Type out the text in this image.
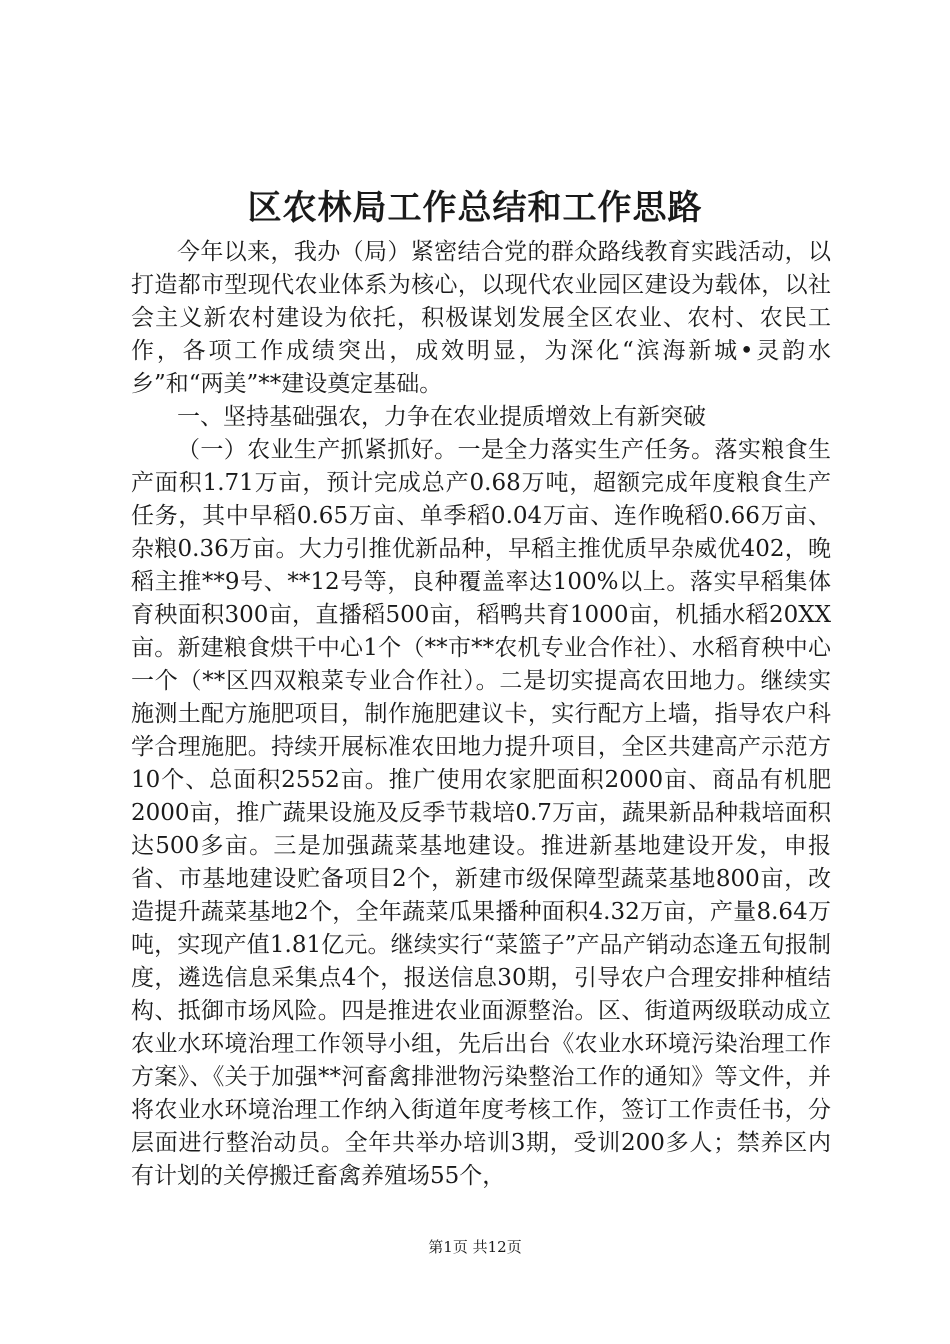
区农林局工作总结和工作思路

今年以来，我办（局）紧密结合党的群众路线教育实践活动，以打造都市型现代农业体系为核心，以现代农业园区建设为载体，以社会主义新农村建设为依托，积极谋划发展全区农业、农村、农民工作，各项工作成绩突出，成效明显，为深化“滨海新城•灵韵水乡”和“两美”**建设奠定基础。

一、坚持基础强农，力争在农业提质增效上有新突破

（一）农业生产抓紧抓好。一是全力落实生产任务。落实粮食生产面积1.71万亩，预计完成总产0.68万吨，超额完成年度粮食生产任务，其中早稻0.65万亩、单季稻0.04万亩、连作晚稻0.66万亩、杂粮0.36万亩。大力引推优新品种，早稻主推优质早杂威优402，晚稻主推**9号、**12号等，良种覆盖率达100%以上。落实早稻集体育秧面积300亩，直播稻500亩，稻鸭共育1000亩，机插水稻20XX亩。新建粮食烘干中心1个（**市**农机专业合作社）、水稻育秧中心一个（**区四双粮菜专业合作社）。二是切实提高农田地力。继续实施测土配方施肥项目，制作施肥建议卡，实行配方上墙，指导农户科学合理施肥。持续开展标准农田地力提升项目，全区共建高产示范方10个、总面积2552亩。推广使用农家肥面积2000亩、商品有机肥2000亩，推广蔬果设施及反季节栽培0.7万亩，蔬果新品种栽培面积达500多亩。三是加强蔬菜基地建设。推进新基地建设开发，申报省、市基地建设贮备项目2个，新建市级保障型蔬菜基地800亩，改造提升蔬菜基地2个，全年蔬菜瓜果播种面积4.32万亩，产量8.64万吨，实现产值1.81亿元。继续实行“菜篮子”产品产销动态逢五旬报制度，遴选信息采集点4个，报送信息30期，引导农户合理安排种植结构、抵御市场风险。四是推进农业面源整治。区、街道两级联动成立农业水环境治理工作领导小组，先后出台《农业水环境污染治理工作方案》、《关于加强**河畜禽排泄物污染整治工作的通知》等文件，并将农业水环境治理工作纳入街道年度考核工作，签订工作责任书，分层面进行整治动员。全年共举办培训3期，受训200多人；禁养区内有计划的关停搬迁畜禽养殖场55个，

第1页 共12页
